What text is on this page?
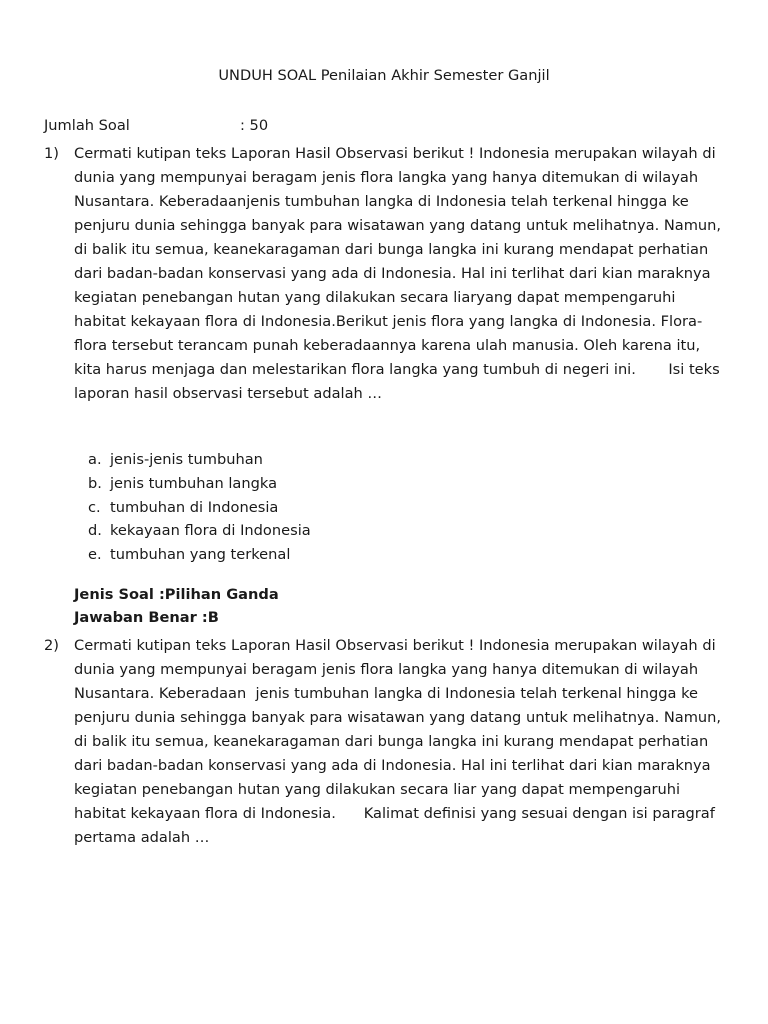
UNDUH SOAL Penilaian Akhir Semester Ganjil
Jumlah Soal	: 50
1) Cermati kutipan teks Laporan Hasil Observasi berikut ! Indonesia merupakan wilayah di dunia yang mempunyai beragam jenis flora langka yang hanya ditemukan di wilayah Nusantara. Keberadaanjenis tumbuhan langka di Indonesia telah terkenal hingga ke penjuru dunia sehingga banyak para wisatawan yang datang untuk melihatnya. Namun, di balik itu semua, keanekaragaman dari bunga langka ini kurang mendapat perhatian dari badan-badan konservasi yang ada di Indonesia. Hal ini terlihat dari kian maraknya kegiatan penebangan hutan yang dilakukan secara liaryang dapat mempengaruhi habitat kekayaan flora di Indonesia.Berikut jenis flora yang langka di Indonesia. Flora-flora tersebut terancam punah keberadaannya karena ulah manusia. Oleh karena itu, kita harus menjaga dan melestarikan flora langka yang tumbuh di negeri ini.       Isi teks laporan hasil observasi tersebut adalah …
a. jenis-jenis tumbuhan
b. jenis tumbuhan langka
c. tumbuhan di Indonesia
d. kekayaan flora di Indonesia
e. tumbuhan yang terkenal
Jenis Soal :Pilihan Ganda
Jawaban Benar :B
2) Cermati kutipan teks Laporan Hasil Observasi berikut ! Indonesia merupakan wilayah di dunia yang mempunyai beragam jenis flora langka yang hanya ditemukan di wilayah Nusantara. Keberadaan  jenis tumbuhan langka di Indonesia telah terkenal hingga ke penjuru dunia sehingga banyak para wisatawan yang datang untuk melihatnya. Namun, di balik itu semua, keanekaragaman dari bunga langka ini kurang mendapat perhatian dari badan-badan konservasi yang ada di Indonesia. Hal ini terlihat dari kian maraknya kegiatan penebangan hutan yang dilakukan secara liar yang dapat mempengaruhi habitat kekayaan flora di Indonesia.      Kalimat definisi yang sesuai dengan isi paragraf pertama adalah …
